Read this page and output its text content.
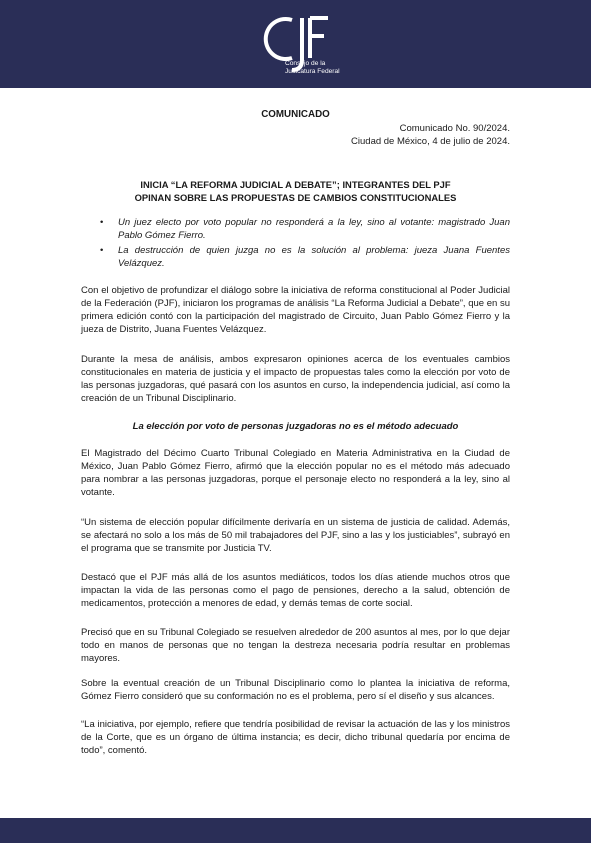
Consejo de la
Judicatura Federal
COMUNICADO
Comunicado No. 90/2024.
Ciudad de México, 4 de julio de 2024.
INICIA “LA REFORMA JUDICIAL A DEBATE”; INTEGRANTES DEL PJF
OPINAN SOBRE LAS PROPUESTAS DE CAMBIOS CONSTITUCIONALES
• Un juez electo por voto popular no responderá a la ley, sino al votante: magistrado Juan Pablo Gómez Fierro.
• La destrucción de quien juzga no es la solución al problema: jueza Juana Fuentes Velázquez.
Con el objetivo de profundizar el diálogo sobre la iniciativa de reforma constitucional al Poder Judicial de la Federación (PJF), iniciaron los programas de análisis “La Reforma Judicial a Debate”, que en su primera edición contó con la participación del magistrado de Circuito, Juan Pablo Gómez Fierro y la jueza de Distrito, Juana Fuentes Velázquez.
Durante la mesa de análisis, ambos expresaron opiniones acerca de los eventuales cambios constitucionales en materia de justicia y el impacto de propuestas tales como la elección por voto de las personas juzgadoras, qué pasará con los asuntos en curso, la independencia judicial, así como la creación de un Tribunal Disciplinario.
La elección por voto de personas juzgadoras no es el método adecuado
El Magistrado del Décimo Cuarto Tribunal Colegiado en Materia Administrativa en la Ciudad de México, Juan Pablo Gómez Fierro, afirmó que la elección popular no es el método más adecuado para nombrar a las personas juzgadoras, porque el personaje electo no responderá a la ley, sino al votante.
“Un sistema de elección popular difícilmente derivaría en un sistema de justicia de calidad. Además, se afectará no solo a los más de 50 mil trabajadores del PJF, sino a las y los justiciables”, subrayó en el programa que se transmite por Justicia TV.
Destacó que el PJF más allá de los asuntos mediáticos, todos los días atiende muchos otros que impactan la vida de las personas como el pago de pensiones, derecho a la salud, obtención de medicamentos, protección a menores de edad, y demás temas de corte social.
Precisó que en su Tribunal Colegiado se resuelven alrededor de 200 asuntos al mes, por lo que dejar todo en manos de personas que no tengan la destreza necesaria podría resultar en problemas mayores.
Sobre la eventual creación de un Tribunal Disciplinario como lo plantea la iniciativa de reforma, Gómez Fierro consideró que su conformación no es el problema, pero sí el diseño y sus alcances.
“La iniciativa, por ejemplo, refiere que tendría posibilidad de revisar la actuación de las y los ministros de la Corte, que es un órgano de última instancia; es decir, dicho tribunal quedaría por encima de todo”, comentó.
